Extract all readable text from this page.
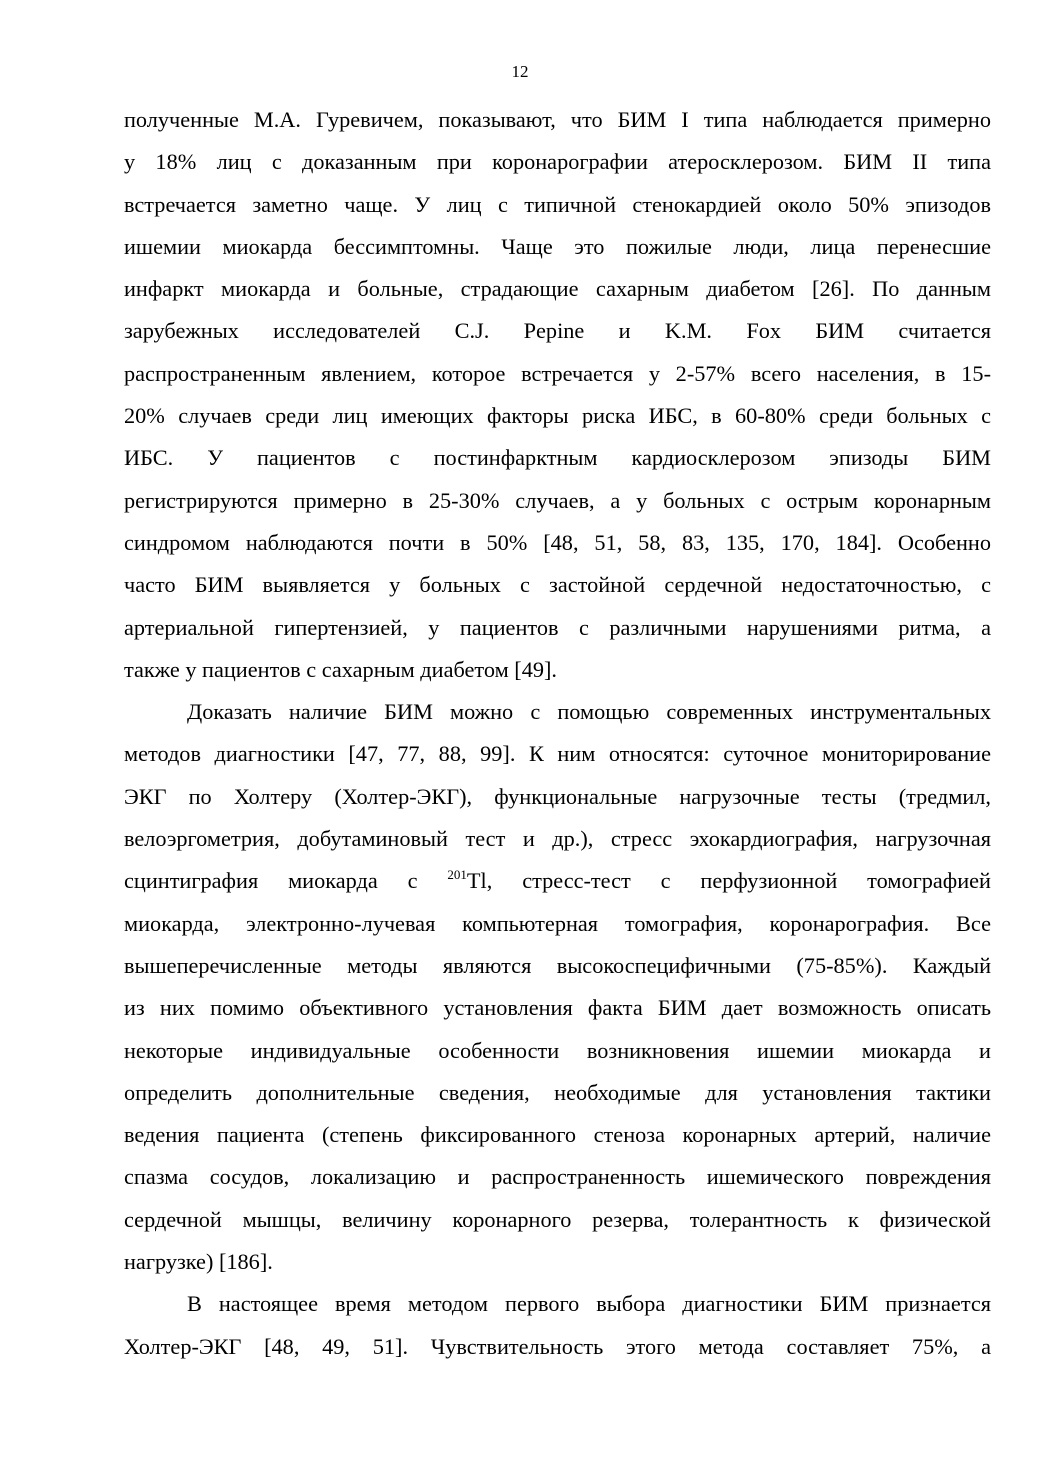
12
полученные М.А. Гуревичем, показывают, что БИМ I типа наблюдается примерно
у 18% лиц с доказанным при коронарографии атеросклерозом. БИМ II типа
встречается заметно чаще. У лиц с типичной стенокардией около 50% эпизодов
ишемии миокарда бессимптомны. Чаще это пожилые люди, лица перенесшие
инфаркт миокарда и больные, страдающие сахарным диабетом [26]. По данным
зарубежных исследователей C.J. Pepine и K.M. Fox БИМ считается
распространенным явлением, которое встречается у 2-57% всего населения, в 15-
20% случаев среди лиц имеющих факторы риска ИБС, в 60-80% среди больных с
ИБС. У пациентов с постинфарктным кардиосклерозом эпизоды БИМ
регистрируются примерно в 25-30% случаев, а у больных с острым коронарным
синдромом наблюдаются почти в 50% [48, 51, 58, 83, 135, 170, 184]. Особенно
часто БИМ выявляется у больных с застойной сердечной недостаточностью, с
артериальной гипертензией, у пациентов с различными нарушениями ритма, а
также у пациентов с сахарным диабетом [49].
Доказать наличие БИМ можно с помощью современных инструментальных
методов диагностики [47, 77, 88, 99]. К ним относятся: суточное мониторирование
ЭКГ по Холтеру (Холтер-ЭКГ), функциональные нагрузочные тесты (тредмил,
велоэргометрия, добутаминовый тест и др.), стресс эхокардиография, нагрузочная
сцинтиграфия миокарда с $^{201}$Tl, стресс-тест с перфузионной томографией
миокарда, электронно-лучевая компьютерная томография, коронарография. Все
вышеперечисленные методы являются высокоспецифичными (75-85%). Каждый
из них помимо объективного установления факта БИМ дает возможность описать
некоторые индивидуальные особенности возникновения ишемии миокарда и
определить дополнительные сведения, необходимые для установления тактики
ведения пациента (степень фиксированного стеноза коронарных артерий, наличие
спазма сосудов, локализацию и распространенность ишемического повреждения
сердечной мышцы, величину коронарного резерва, толерантность к физической
нагрузке) [186].
В настоящее время методом первого выбора диагностики БИМ признается
Холтер-ЭКГ [48, 49, 51]. Чувствительность этого метода составляет 75%, а
